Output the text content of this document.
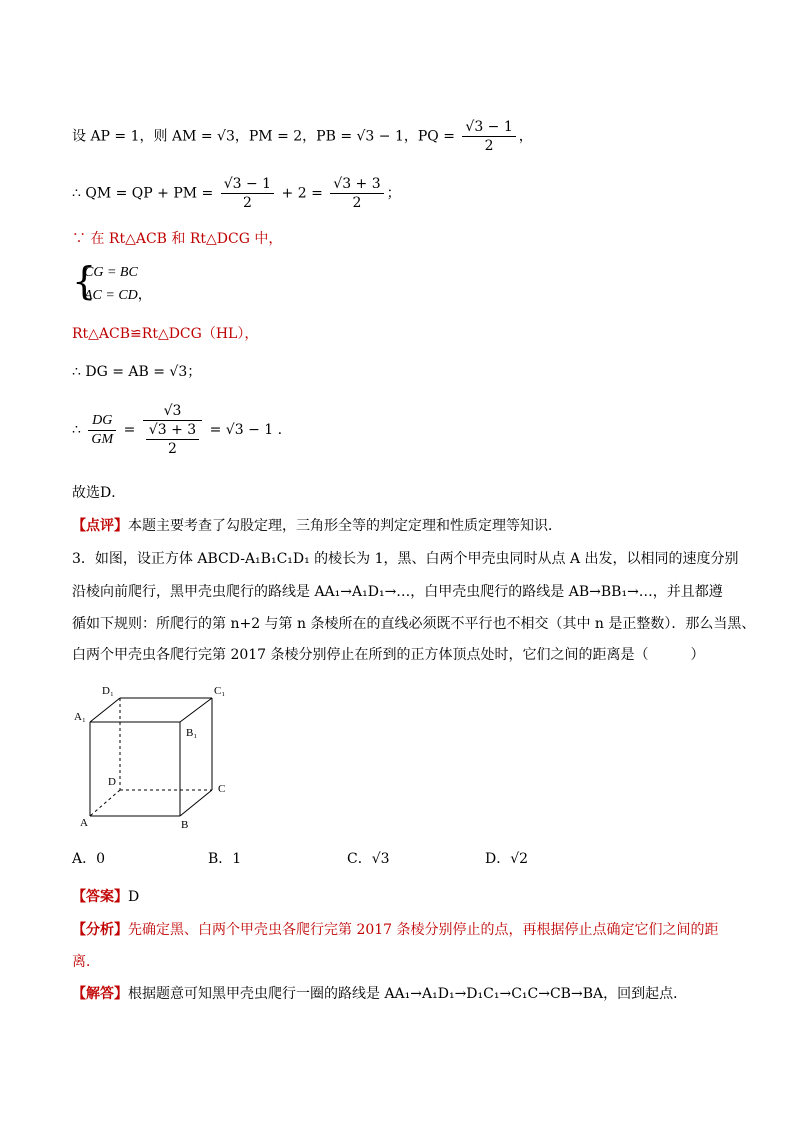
设 AP = 1，则 AM = √3，PM = 2，PB = √3 − 1，PQ = $\frac{√3 - 1}{2}$ ，
∴ QM = QP + PM = $\frac{√3 - 1}{2} + 2 = \frac{√3 + 3}{2}$ ；
∵ 在 Rt△ACB 和 Rt△DCG 中，
{
CG = BC
AC = CD，
Rt△ACB≌Rt△DCG（HL），
∴ DG = AB = √3；
∴ $\frac{DG}{GM} = \frac{√3}{\frac{√3 + 3}{2}} = √3 - 1$ .
故选D．
【点评】本题主要考查了勾股定理，三角形全等的判定定理和性质定理等知识．
3．如图，设正方体 ABCD-A₁B₁C₁D₁ 的棱长为 1，黑、白两个甲壳虫同时从点 A 出发，以相同的速度分别
沿棱向前爬行，黑甲壳虫爬行的路线是 AA₁→A₁D₁→…，白甲壳虫爬行的路线是 AB→BB₁→…，并且都遵
循如下规则：所爬行的第 n+2 与第 n 条棱所在的直线必须既不平行也不相交（其中 n 是正整数）．那么当黑、
白两个甲壳虫各爬行完第 2017 条棱分别停止在所到的正方体顶点处时，它们之间的距离是（　　　）
A	B
C
D
A₁
B₁
C₁
D₁
A．0	B．1	C．√3	D．√2
【答案】D
【分析】先确定黑、白两个甲壳虫各爬行完第 2017 条棱分别停止的点，再根据停止点确定它们之间的距
离．
【解答】根据题意可知黑甲壳虫爬行一圈的路线是 AA₁→A₁D₁→D₁C₁→C₁C→CB→BA，回到起点．
